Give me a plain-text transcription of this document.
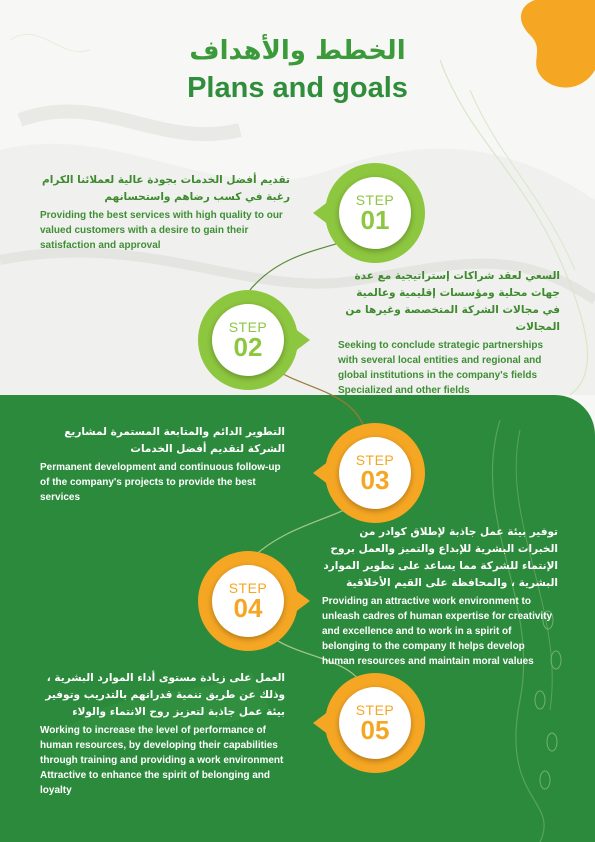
الخطط والأهداف
Plans and goals
STEP
01
تقديم أفضل الخدمات بجودة عالية لعملائنا الكرام رغبة في كسب رضاهم واستحسانهم
Providing the best services with high quality to our valued customers with a desire to gain their satisfaction and approval
STEP
02
السعي لعقد شراكات إستراتيجية مع عدة جهات محلية ومؤسسات إقليمية وعالمية في مجالات الشركة المتخصصة وغيرها من المجالات
Seeking to conclude strategic partnerships with several local entities and regional and global institutions in the company's fields Specialized and other fields
STEP
03
التطوير الدائم والمتابعة المستمرة لمشاريع الشركة لتقديم أفضل الخدمات
Permanent development and continuous follow-up of the company's projects to provide the best services
STEP
04
توفير بيئة عمل جاذبة لإطلاق كوادر من الخبرات البشرية للإبداع والتميز والعمل بروح الإنتماء للشركة مما يساعد على تطوير الموارد البشرية ، والمحافظة على القيم الأخلاقية
Providing an attractive work environment to unleash cadres of human expertise for creativity and excellence and to work in a spirit of belonging to the company It helps develop human resources and maintain moral values
STEP
05
العمل على زيادة مستوى أداء الموارد البشرية ، وذلك عن طريق تنمية قدراتهم بالتدريب وتوفير بيئة عمل جاذبة لتعزيز روح الانتماء والولاء
Working to increase the level of performance of human resources, by developing their capabilities through training and providing a work environment Attractive to enhance the spirit of belonging and loyalty
